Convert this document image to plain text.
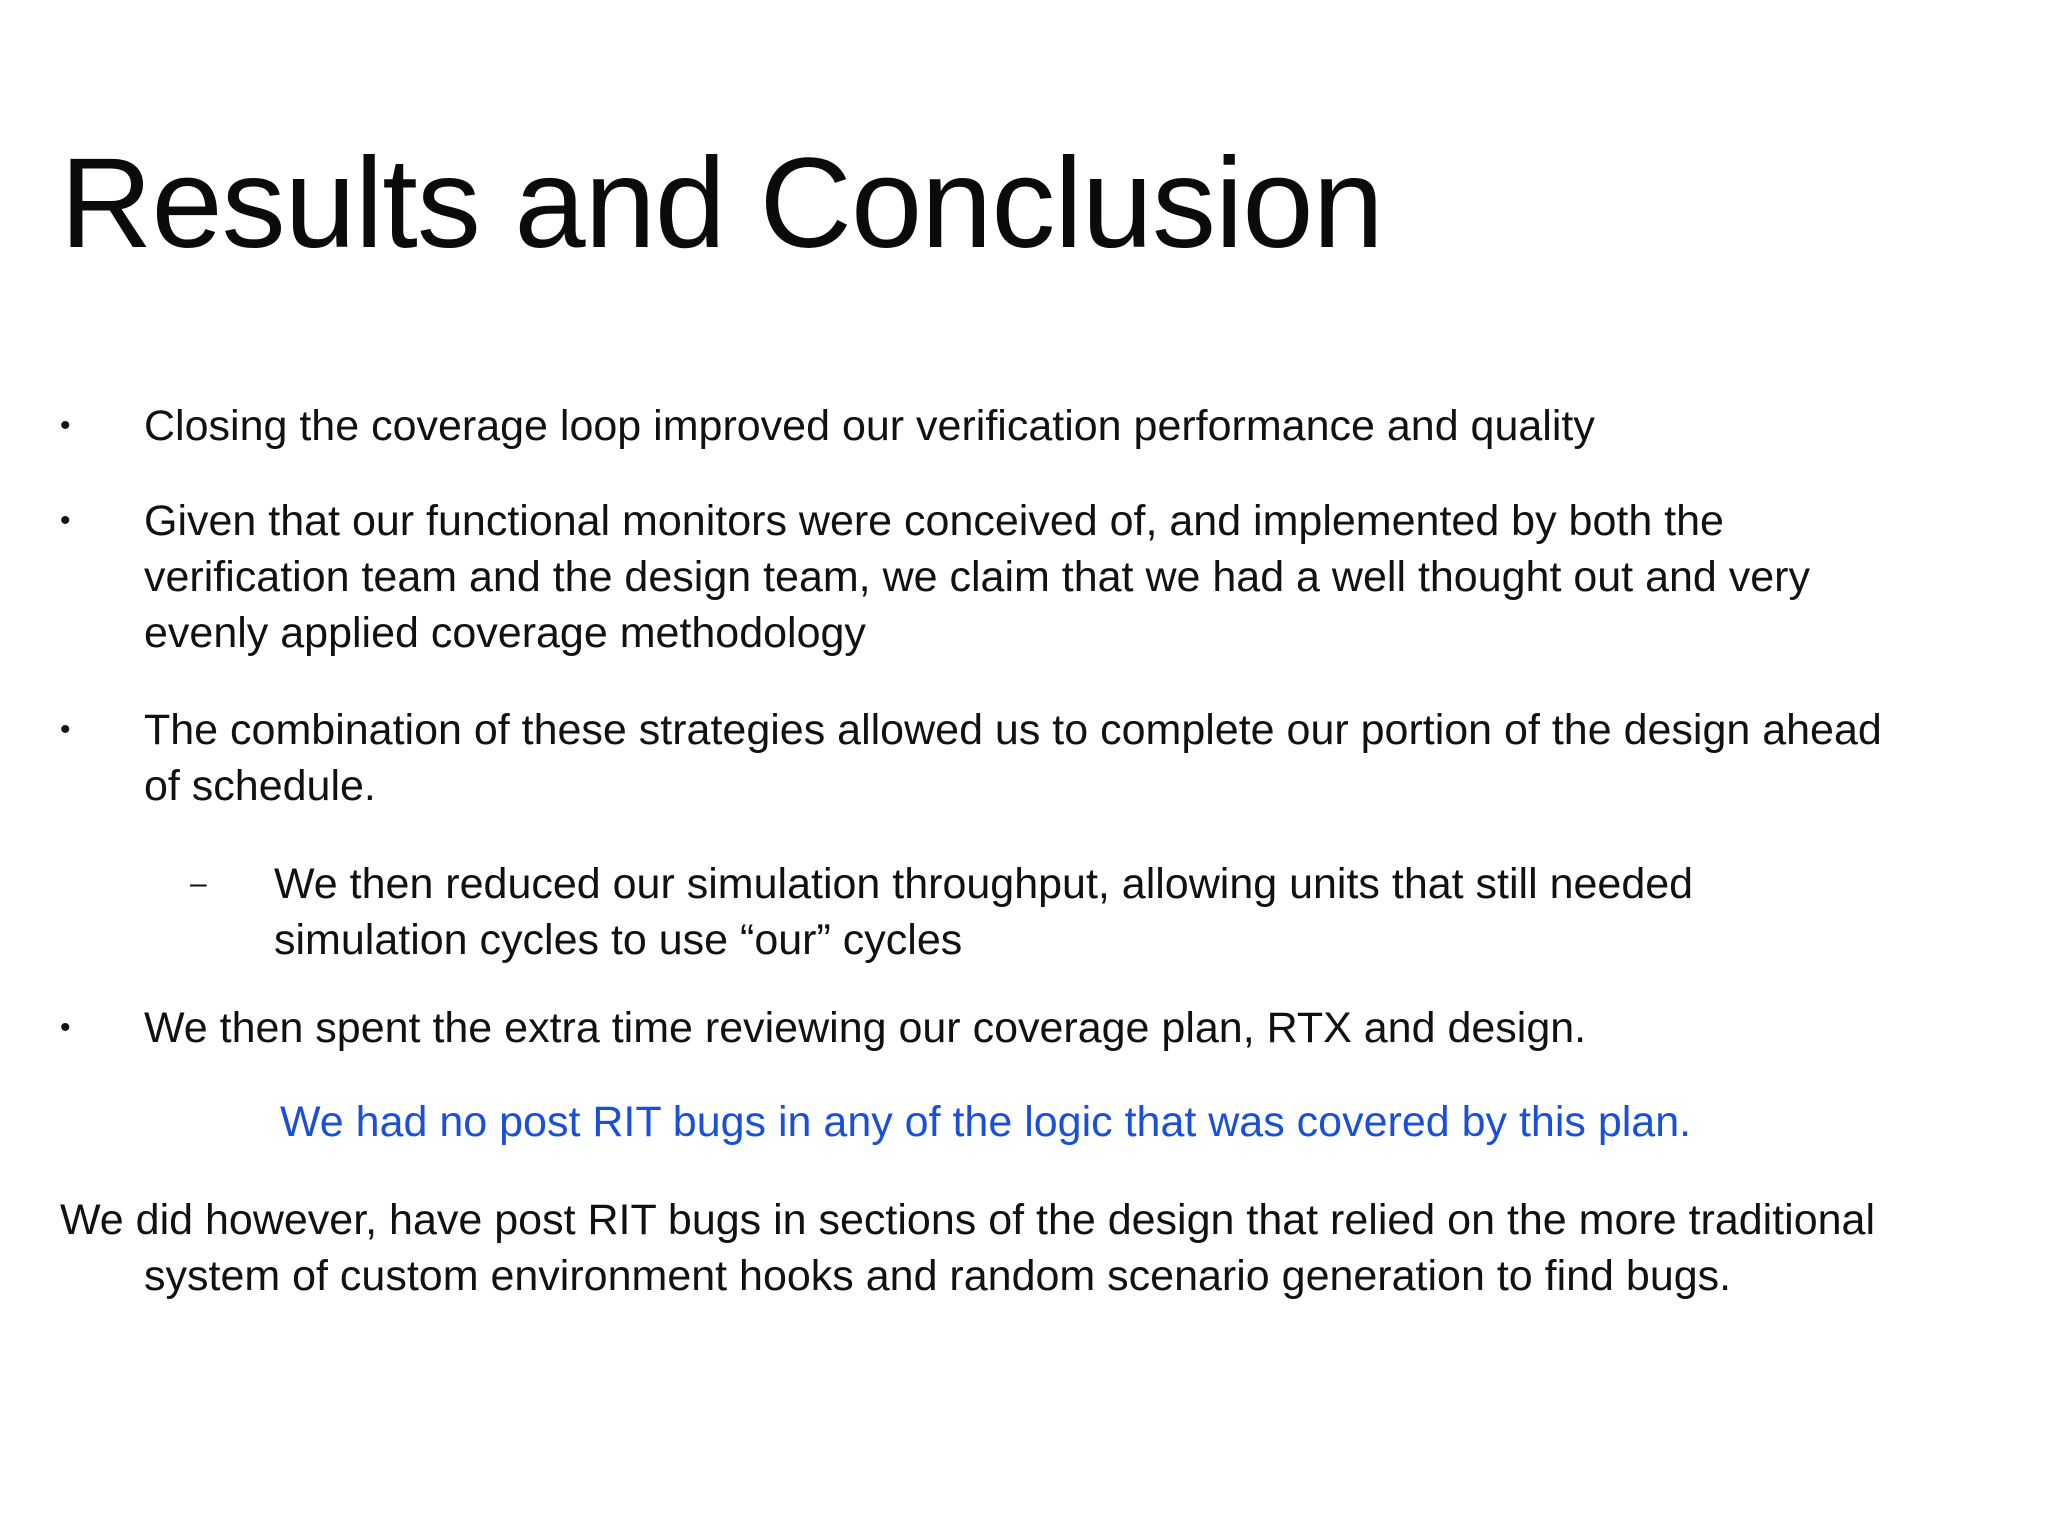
Results and Conclusion
• Closing the coverage loop improved our verification performance and quality
• Given that our functional monitors were conceived of, and implemented by both the
verification team and the design team, we claim that we had a well thought out and very
evenly applied coverage methodology
• The combination of these strategies allowed us to complete our portion of the design ahead
of schedule.
– We then reduced our simulation throughput, allowing units that still needed
simulation cycles to use “our” cycles
• We then spent the extra time reviewing our coverage plan, RTX and design.
We had no post RIT bugs in any of the logic that was covered by this plan.
We did however, have post RIT bugs in sections of the design that relied on the more traditional
system of custom environment hooks and random scenario generation to find bugs.
